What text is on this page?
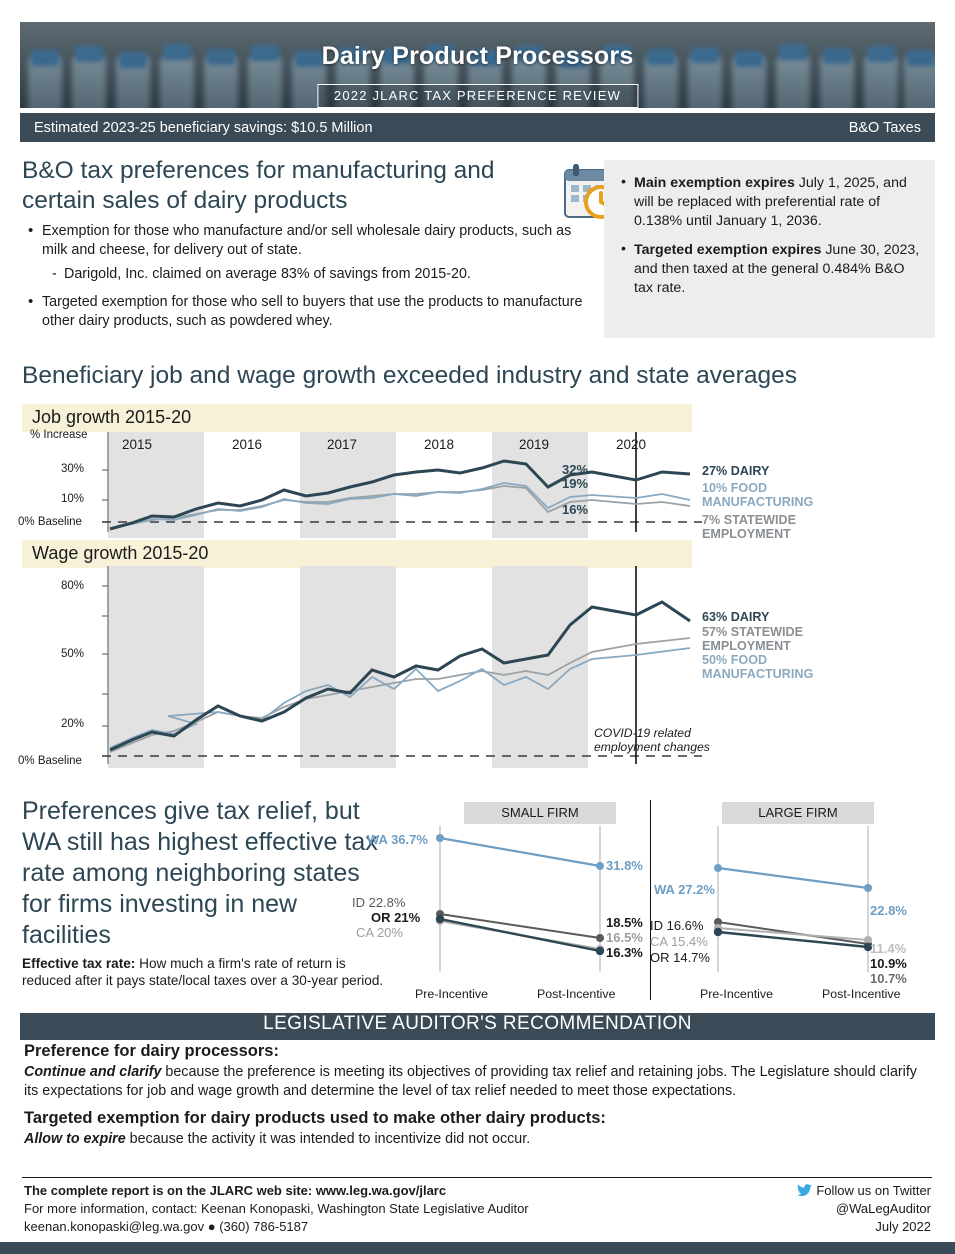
Dairy Product Processors
2022 JLARC TAX PREFERENCE REVIEW
Estimated 2023-25 beneficiary savings: $10.5 Million	B&O Taxes
B&O tax preferences for manufacturing and certain sales of dairy products
• Exemption for those who manufacture and/or sell wholesale dairy products, such as milk and cheese, for delivery out of state.
- Darigold, Inc. claimed on average 83% of savings from 2015-20.
• Targeted exemption for those who sell to buyers that use the products to manufacture other dairy products, such as powdered whey.
• Main exemption expires July 1, 2025, and will be replaced with preferential rate of 0.138% until January 1, 2036.
• Targeted exemption expires June 30, 2023, and then taxed at the general 0.484% B&O tax rate.
Beneficiary job and wage growth exceeded industry and state averages
Job growth 2015-20
% Increase
2015	2016	2017	2018	2019	2020
30%
10%
0% Baseline
32%
19%
16%
27% DAIRY
10% FOOD MANUFACTURING
7% STATEWIDE EMPLOYMENT
Wage growth 2015-20
80%
50%
20%
0% Baseline
63% DAIRY
57% STATEWIDE EMPLOYMENT
50% FOOD MANUFACTURING
COVID-19 related employment changes
Preferences give tax relief, but WA still has highest effective tax rate among neighboring states for firms investing in new facilities
Effective tax rate: How much a firm's rate of return is reduced after it pays state/local taxes over a 30-year period.
SMALL FIRM
WA 36.7%
31.8%
ID 22.8%
OR 21%
CA 20%
18.5%
16.5%
16.3%
Pre-Incentive	Post-Incentive
LARGE FIRM
WA 27.2%
22.8%
ID 16.6%
CA 15.4%
OR 14.7%
11.4%
10.9%
10.7%
Pre-Incentive	Post-Incentive
LEGISLATIVE AUDITOR'S RECOMMENDATION
Preference for dairy processors:
Continue and clarify because the preference is meeting its objectives of providing tax relief and retaining jobs. The Legislature should clarify its expectations for job and wage growth and determine the level of tax relief needed to meet those expectations.
Targeted exemption for dairy products used to make other dairy products:
Allow to expire because the activity it was intended to incentivize did not occur.
The complete report is on the JLARC web site: www.leg.wa.gov/jlarc
For more information, contact: Keenan Konopaski, Washington State Legislative Auditor
keenan.konopaski@leg.wa.gov ● (360) 786-5187
Follow us on Twitter
@WaLegAuditor
July 2022
